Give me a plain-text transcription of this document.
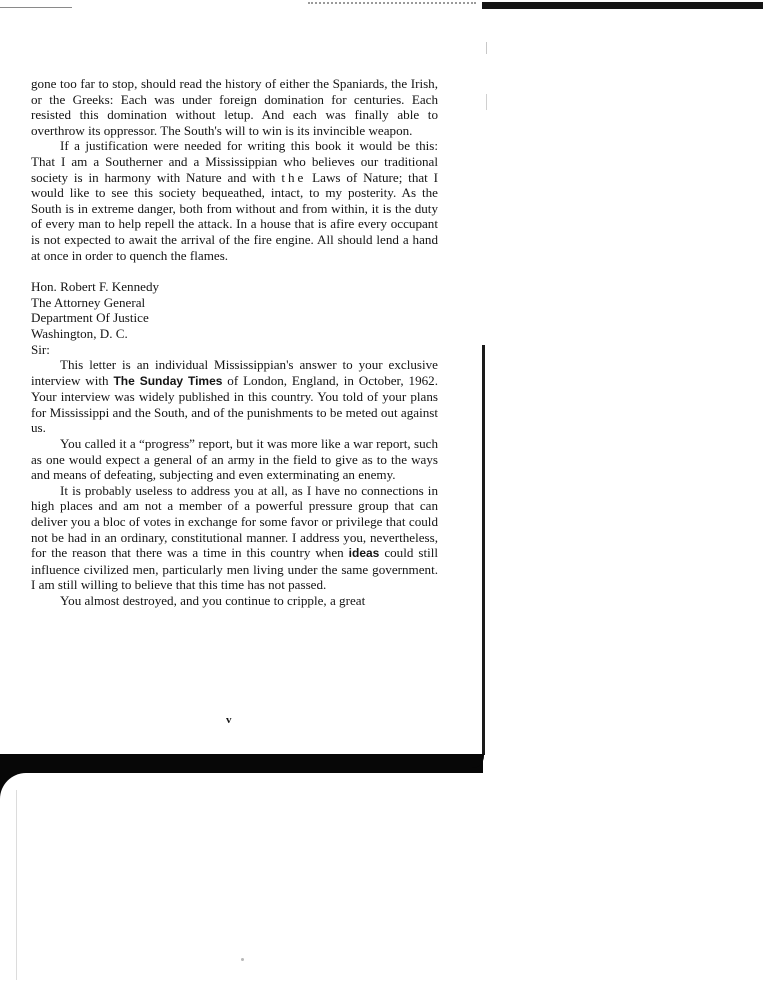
gone too far to stop, should read the history of either the Spaniards, the Irish, or the Greeks: Each was under foreign domination for centuries. Each resisted this domination without letup. And each was finally able to overthrow its oppressor. The South's will to win is its invincible weapon.

If a justification were needed for writing this book it would be this: That I am a Southerner and a Mississippian who believes our traditional society is in harmony with Nature and with the Laws of Nature; that I would like to see this society bequeathed, intact, to my posterity. As the South is in extreme danger, both from without and from within, it is the duty of every man to help repell the attack. In a house that is afire every occupant is not expected to await the arrival of the fire engine. All should lend a hand at once in order to quench the flames.

Hon. Robert F. Kennedy
The Attorney General
Department Of Justice
Washington, D. C.

Sir:

This letter is an individual Mississippian's answer to your exclusive interview with The Sunday Times of London, England, in October, 1962. Your interview was widely published in this country. You told of your plans for Mississippi and the South, and of the punishments to be meted out against us.

You called it a “progress” report, but it was more like a war report, such as one would expect a general of an army in the field to give as to the ways and means of defeating, subjecting and even exterminating an enemy.

It is probably useless to address you at all, as I have no connections in high places and am not a member of a powerful pressure group that can deliver you a bloc of votes in exchange for some favor or privilege that could not be had in an ordinary, constitutional manner. I address you, nevertheless, for the reason that there was a time in this country when ideas could still influence civilized men, particularly men living under the same government. I am still willing to believe that this time has not passed.

You almost destroyed, and you continue to cripple, a great

v
